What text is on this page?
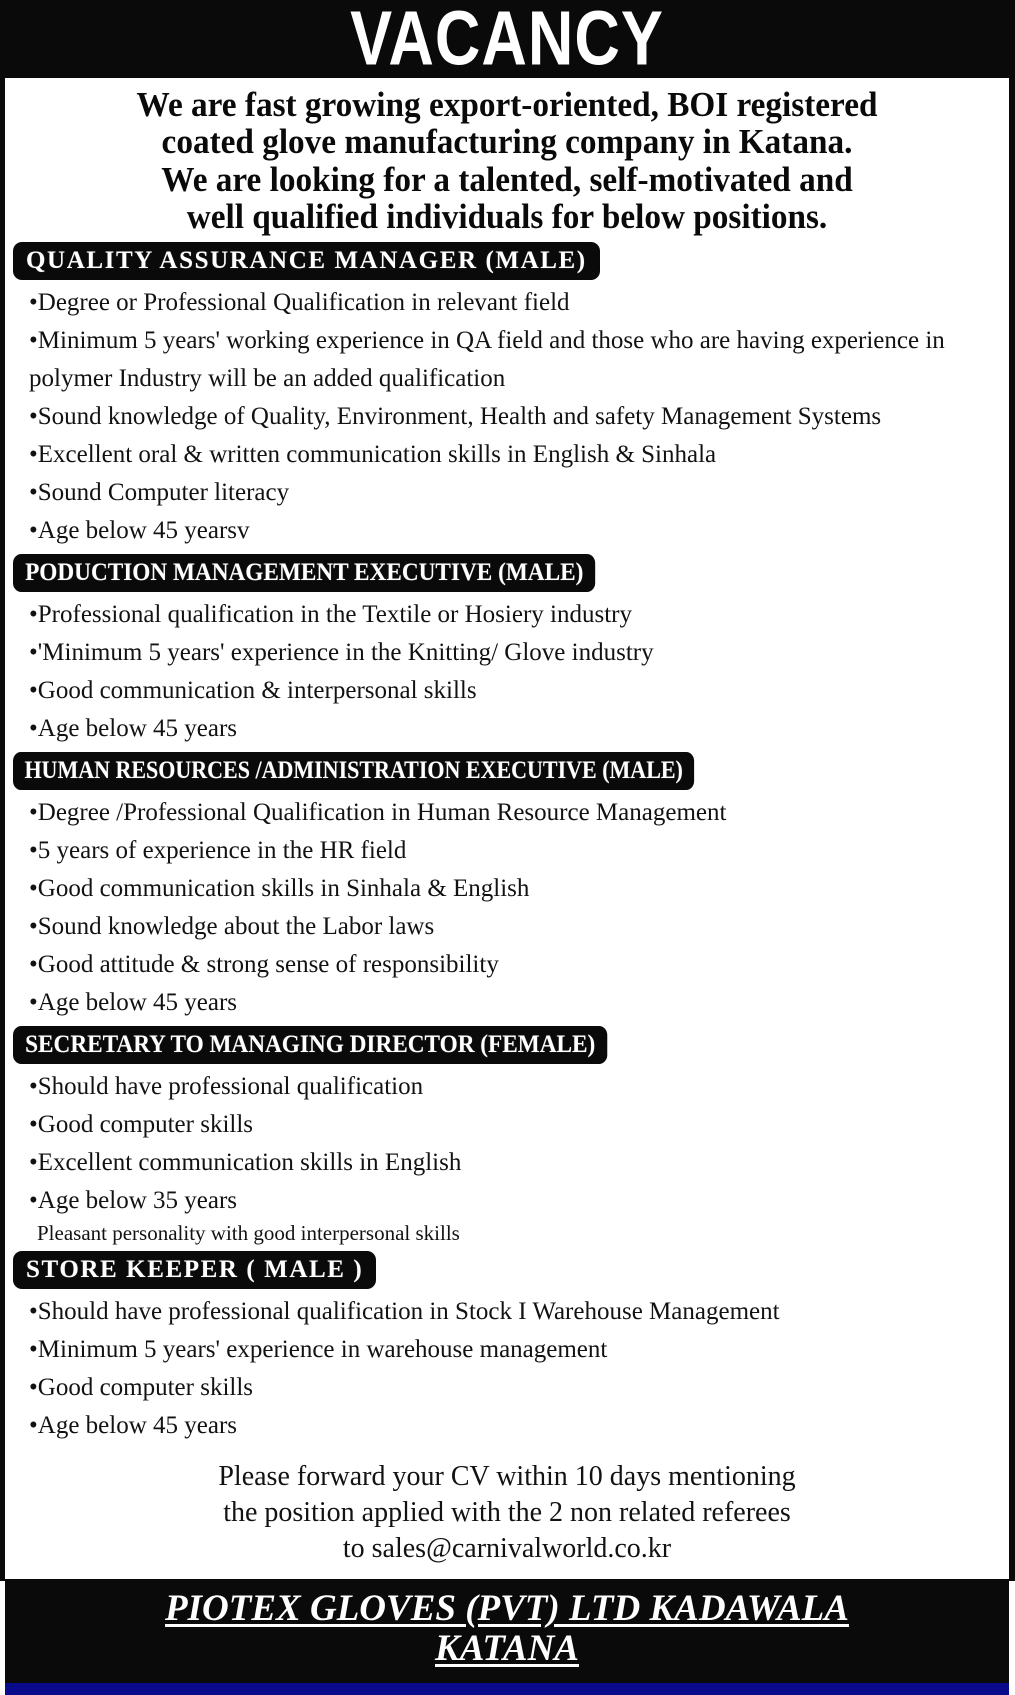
VACANCY
We are fast growing export-oriented, BOI registered
coated glove manufacturing company in Katana.
We are looking for a talented, self-motivated and
well qualified individuals for below positions.
QUALITY ASSURANCE MANAGER (MALE)
•Degree or Professional Qualification in relevant field
•Minimum 5 years' working experience in QA field and those who are having experience in polymer Industry will be an added qualification
•Sound knowledge of Quality, Environment, Health and safety Management Systems
•Excellent oral & written communication skills in English & Sinhala
•Sound Computer literacy
•Age below 45 yearsv
PODUCTION MANAGEMENT EXECUTIVE (MALE)
•Professional qualification in the Textile or Hosiery industry
•'Minimum 5 years' experience in the Knitting/ Glove industry
•Good communication & interpersonal skills
•Age below 45 years
HUMAN RESOURCES /ADMINISTRATION EXECUTIVE (MALE)
•Degree /Professional Qualification in Human Resource Management
•5 years of experience in the HR field
•Good communication skills in Sinhala & English
•Sound knowledge about the Labor laws
•Good attitude & strong sense of responsibility
•Age below 45 years
SECRETARY TO MANAGING DIRECTOR (FEMALE)
•Should have professional qualification
•Good computer skills
•Excellent communication skills in English
•Age below 35 years
Pleasant personality with good interpersonal skills
STORE KEEPER ( MALE )
•Should have professional qualification in Stock I Warehouse Management
•Minimum 5 years' experience in warehouse management
•Good computer skills
•Age below 45 years
Please forward your CV within 10 days mentioning
the position applied with the 2 non related referees
to sales@carnivalworld.co.kr
PIOTEX GLOVES (PVT) LTD KADAWALA
KATANA
